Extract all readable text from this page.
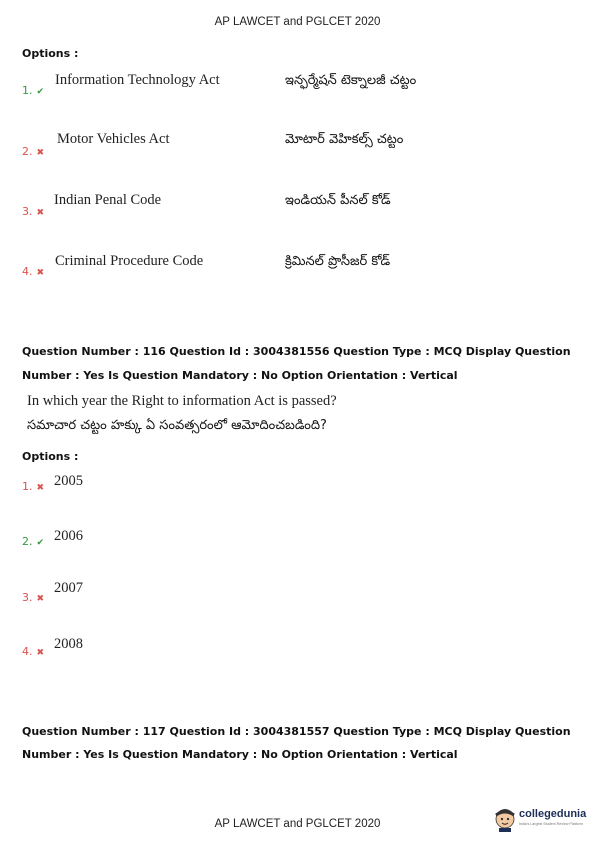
AP LAWCET and PGLCET 2020
Options :
1. ✔
Information Technology Act	ఇన్ఫర్మేషన్ టెక్నాలజీ చట్టం
2. ✖
Motor Vehicles Act	మోటార్ వెహికల్స్ చట్టం
3. ✖
Indian Penal Code	ఇండియన్ పీనల్ కోడ్
4. ✖
Criminal Procedure Code	క్రిమినల్ ప్రొసీజర్ కోడ్
Question Number : 116 Question Id : 3004381556 Question Type : MCQ Display Question
Number : Yes Is Question Mandatory : No Option Orientation : Vertical
In which year the Right to information Act is passed?
సమాచార చట్టం హక్కు ఏ సంవత్సరంలో ఆమోదించబడింది?
Options :
1. ✖ 2005
2. ✔ 2006
3. ✖
2007
4. ✖
2008
Question Number : 117 Question Id : 3004381557 Question Type : MCQ Display Question
Number : Yes Is Question Mandatory : No Option Orientation : Vertical
AP LAWCET and PGLCET 2020
collegedunia
India's Largest Student Review Platform
